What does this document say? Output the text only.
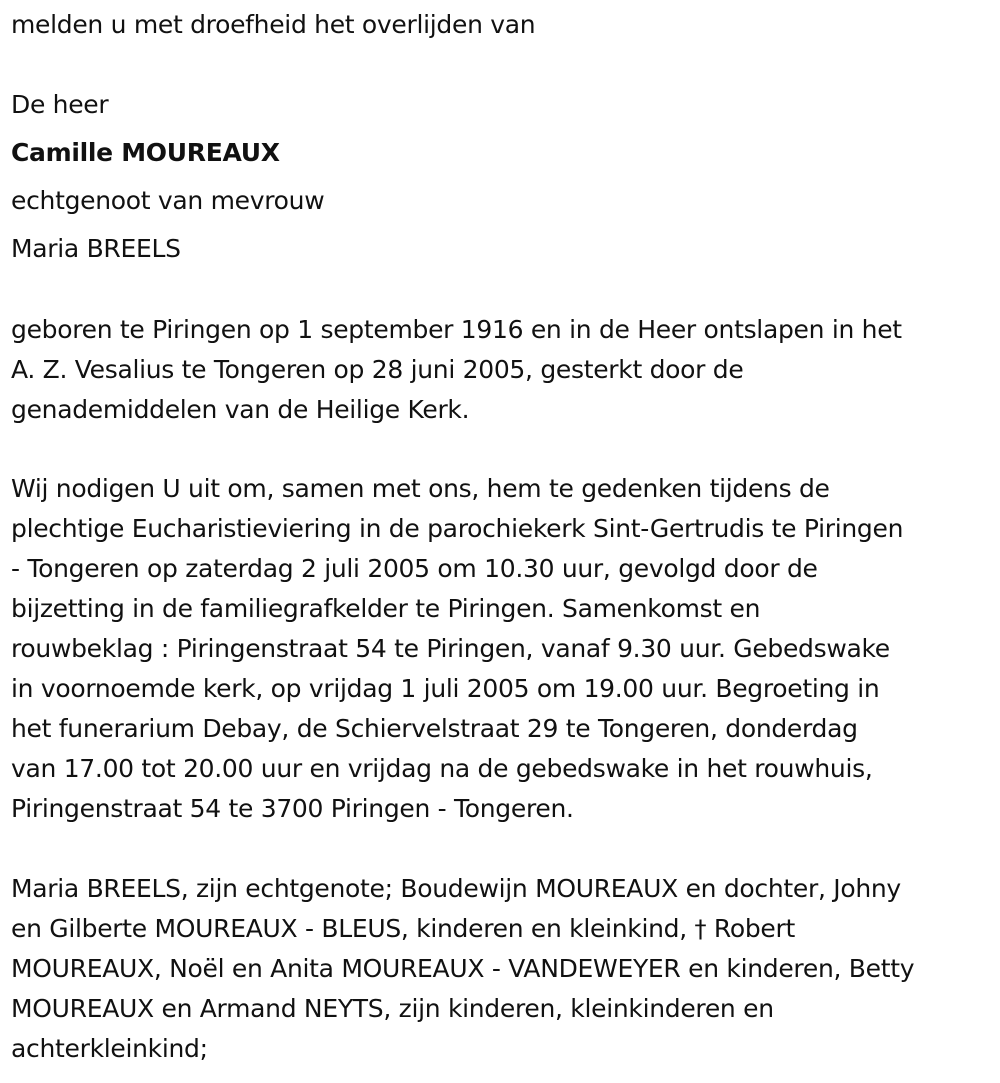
melden u met droefheid het overlijden van
De heer
Camille MOUREAUX
echtgenoot van mevrouw
Maria BREELS

geboren te Piringen op 1 september 1916 en in de Heer ontslapen in het
A. Z. Vesalius te Tongeren op 28 juni 2005, gesterkt door de
genademiddelen van de Heilige Kerk.

Wij nodigen U uit om, samen met ons, hem te gedenken tijdens de
plechtige Eucharistieviering in de parochiekerk Sint-Gertrudis te Piringen
- Tongeren op zaterdag 2 juli 2005 om 10.30 uur, gevolgd door de
bijzetting in de familiegrafkelder te Piringen. Samenkomst en
rouwbeklag : Piringenstraat 54 te Piringen, vanaf 9.30 uur. Gebedswake
in voornoemde kerk, op vrijdag 1 juli 2005 om 19.00 uur. Begroeting in
het funerarium Debay, de Schiervelstraat 29 te Tongeren, donderdag
van 17.00 tot 20.00 uur en vrijdag na de gebedswake in het rouwhuis,
Piringenstraat 54 te 3700 Piringen - Tongeren.

Maria BREELS, zijn echtgenote; Boudewijn MOUREAUX en dochter, Johny
en Gilberte MOUREAUX - BLEUS, kinderen en kleinkind, † Robert
MOUREAUX, Noël en Anita MOUREAUX - VANDEWEYER en kinderen, Betty
MOUREAUX en Armand NEYTS, zijn kinderen, kleinkinderen en
achterkleinkind;
